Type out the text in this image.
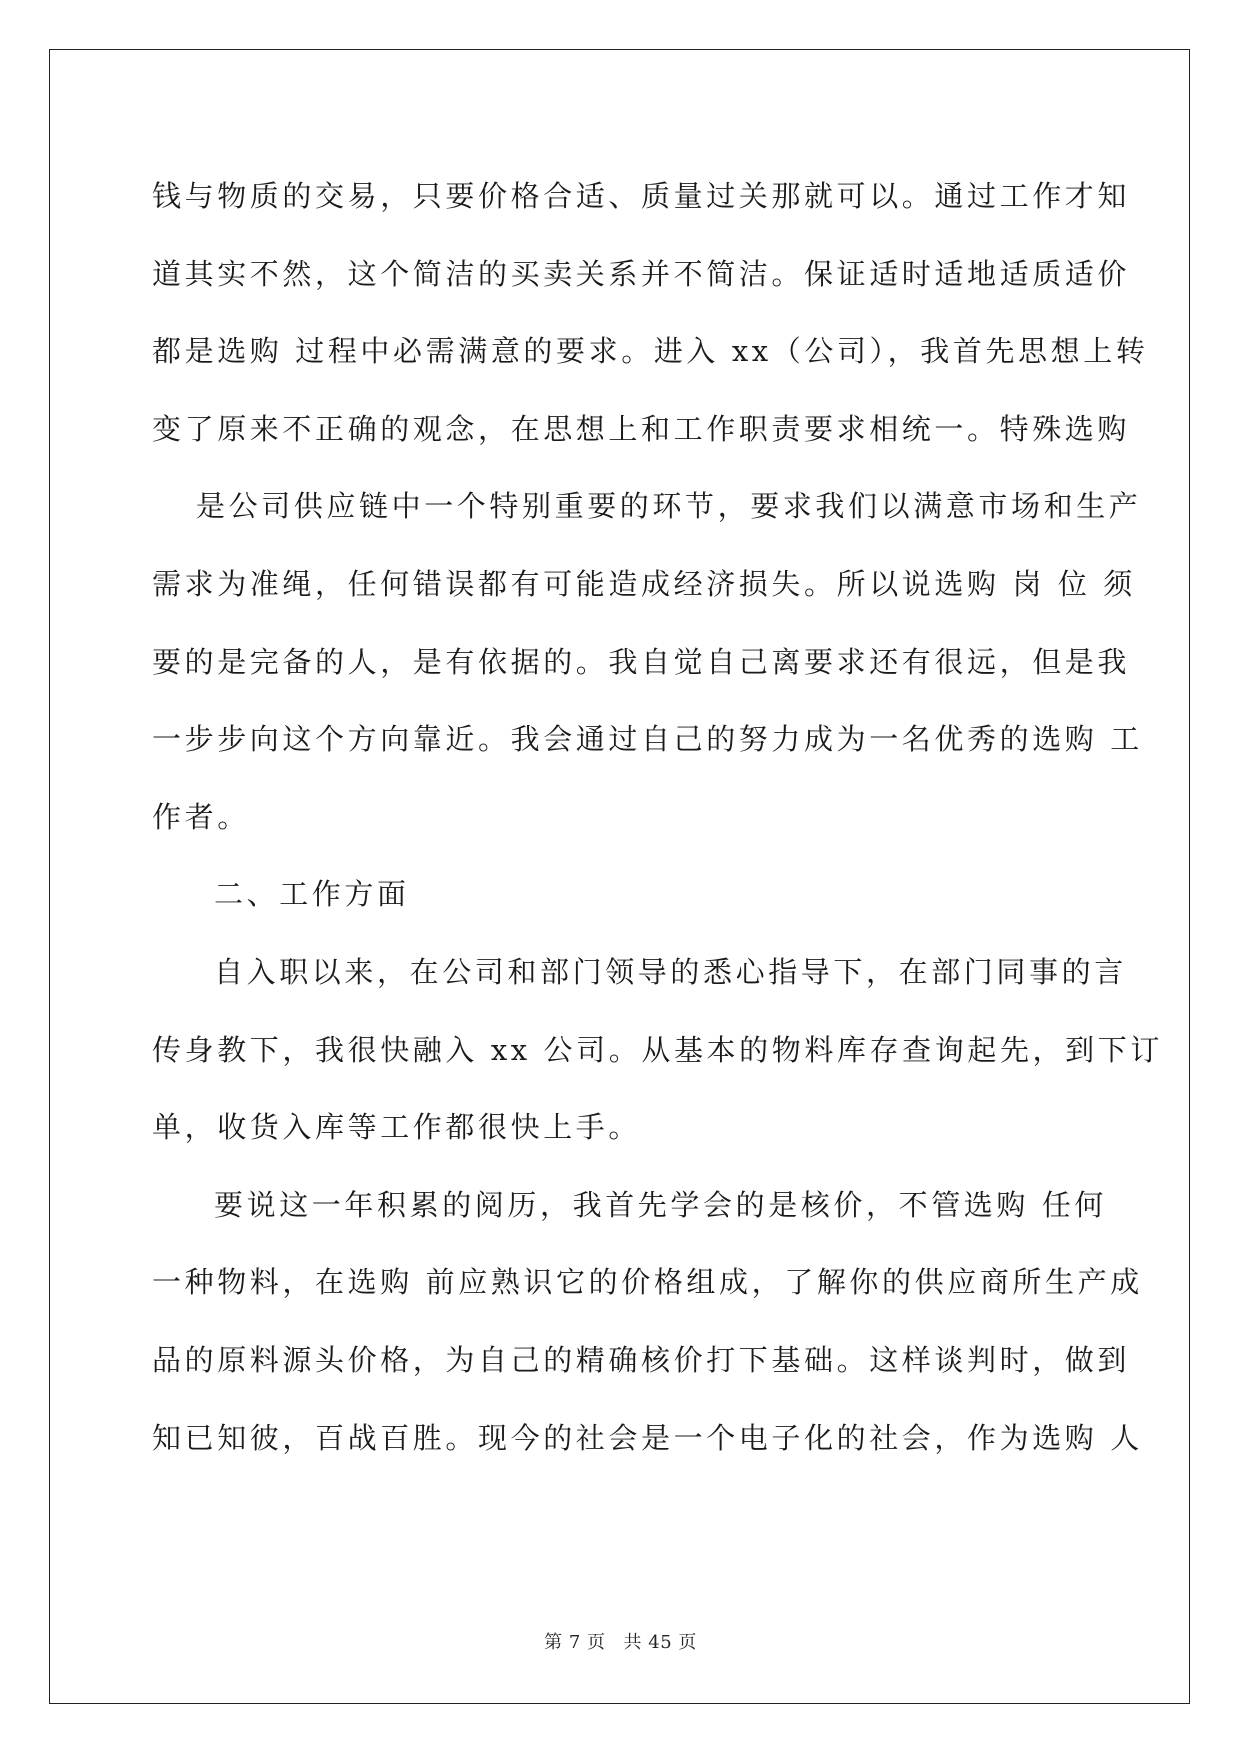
钱与物质的交易，只要价格合适、质量过关那就可以。通过工作才知
道其实不然，这个简洁的买卖关系并不简洁。保证适时适地适质适价
都是选购 过程中必需满意的要求。进入 xx（公司），我首先思想上转
变了原来不正确的观念，在思想上和工作职责要求相统一。特殊选购
是公司供应链中一个特别重要的环节，要求我们以满意市场和生产
需求为准绳，任何错误都有可能造成经济损失。所以说选购 岗 位 须
要的是完备的人，是有依据的。我自觉自己离要求还有很远，但是我
一步步向这个方向靠近。我会通过自己的努力成为一名优秀的选购 工
作者。
二、工作方面
自入职以来，在公司和部门领导的悉心指导下，在部门同事的言
传身教下，我很快融入 xx 公司。从基本的物料库存查询起先，到下订
单，收货入库等工作都很快上手。
要说这一年积累的阅历，我首先学会的是核价，不管选购 任何
一种物料，在选购 前应熟识它的价格组成，了解你的供应商所生产成
品的原料源头价格，为自己的精确核价打下基础。这样谈判时，做到
知已知彼，百战百胜。现今的社会是一个电子化的社会，作为选购 人
第 7 页 共 45 页
